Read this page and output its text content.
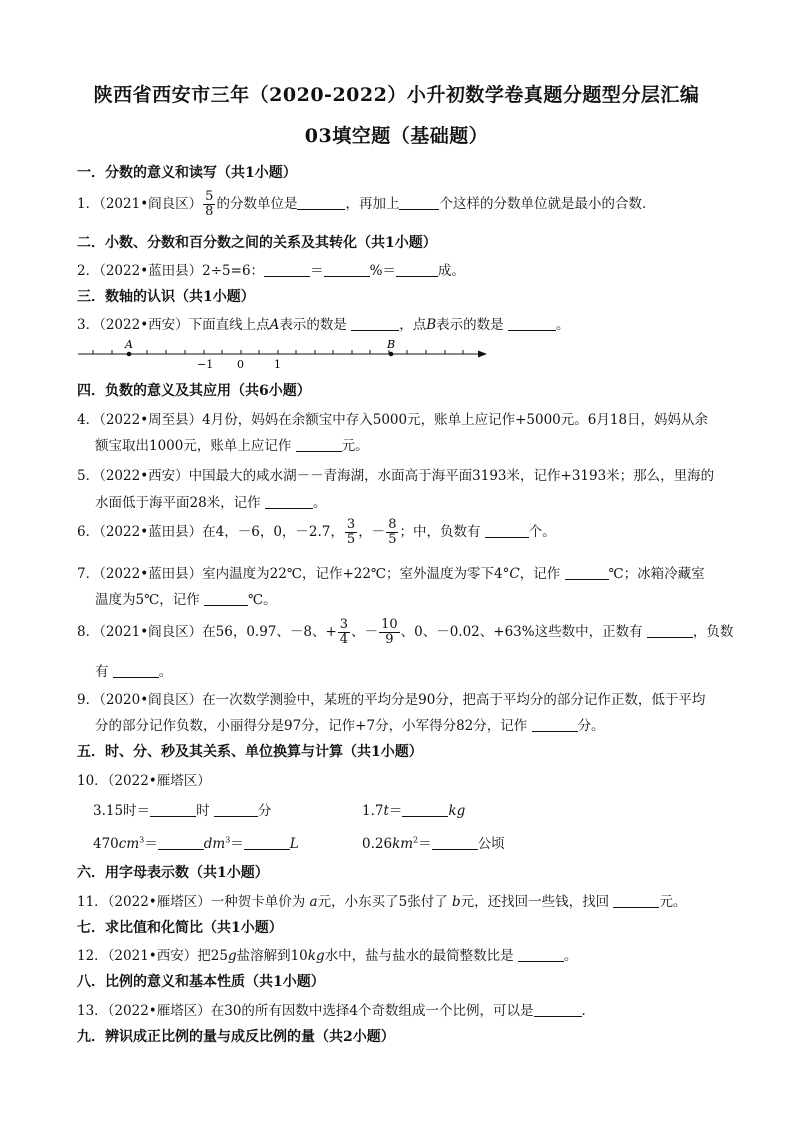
陕西省西安市三年（2020-2022）小升初数学卷真题分题型分层汇编
03填空题（基础题）
一．分数的意义和读写（共1小题）
1．（2021•阎良区） $\frac{5}{8}$ 的分数单位是	，再加上	个这样的分数单位就是最小的合数．
二．小数、分数和百分数之间的关系及其转化（共1小题）
2．（2022•蓝田县）2÷5=6：	＝	%＝	成。
三．数轴的认识（共1小题）
3．（2022•西安）下面直线上点A表示的数是	，点B表示的数是	。
A	B
−1 0	1
四．负数的意义及其应用（共6小题）
4．（2022•周至县）4月份，妈妈在余额宝中存入5000元，账单上应记作+5000元。6月18日，妈妈从余
额宝取出1000元，账单上应记作	元。
5．（2022•西安）中国最大的咸水湖－－青海湖，水面高于海平面3193米，记作+3193米；那么，里海的
水面低于海平面28米，记作	。
6．（2022•蓝田县）在4，－6，0，－2.7， $\frac{3}{5}$ ，－ $\frac{8}{5}$ ；中，负数有	个。
7．（2022•蓝田县）室内温度为22℃，记作+22℃；室外温度为零下4°C，记作	℃；冰箱冷藏室
温度为5℃，记作	℃。
8．（2021•阎良区）在56，0.97、－8、+ $\frac{3}{4}$ 、－ $\frac{10}{9}$ 、0、－0.02、+63%这些数中，正数有	，负数
有	。
9．（2020•阎良区）在一次数学测验中，某班的平均分是90分，把高于平均分的部分记作正数，低于平均
分的部分记作负数，小丽得分是97分，记作+7分，小军得分82分，记作	分。
五．时、分、秒及其关系、单位换算与计算（共1小题）
10．（2022•雁塔区）
3.15时＝	时	分	1.7t＝	kg
$470cm^3=$	$dm^3=$	L	$0.26km^2=$	公顷
六．用字母表示数（共1小题）
11．（2022•雁塔区）一种贺卡单价为 a元，小东买了5张付了 b元，还找回一些钱，找回	元。
七．求比值和化简比（共1小题）
12．（2021•西安）把25g盐溶解到10kg水中，盐与盐水的最简整数比是	。
八．比例的意义和基本性质（共1小题）
13．（2022•雁塔区）在30的所有因数中选择4个奇数组成一个比例，可以是	．
九．辨识成正比例的量与成反比例的量（共2小题）
